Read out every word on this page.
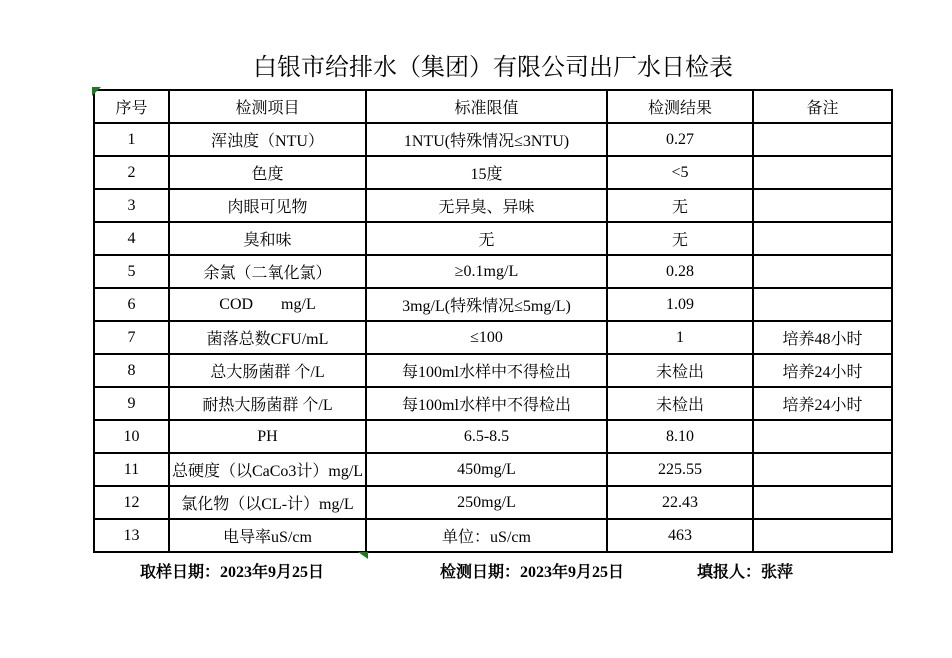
白银市给排水（集团）有限公司出厂水日检表
序号	检测项目	标准限值	检测结果	备注
1	浑浊度（NTU）	1NTU(特殊情况≤3NTU)	0.27	
2	色度	15度	<5	
3	肉眼可见物	无异臭、异味	无	
4	臭和味	无	无	
5	余氯（二氧化氯）	≥0.1mg/L	0.28	
6	COD       mg/L	3mg/L(特殊情况≤5mg/L)	1.09	
7	菌落总数CFU/mL	≤100	1	培养48小时
8	总大肠菌群 个/L	每100ml水样中不得检出	未检出	培养24小时
9	耐热大肠菌群 个/L	每100ml水样中不得检出	未检出	培养24小时
10	PH	6.5-8.5	8.10	
11	总硬度（以CaCo3计）mg/L	450mg/L	225.55	
12	氯化物（以CL-计）mg/L	250mg/L	22.43	
13	电导率uS/cm	单位：uS/cm	463	
取样日期：2023年9月25日	检测日期：2023年9月25日	填报人：张萍
